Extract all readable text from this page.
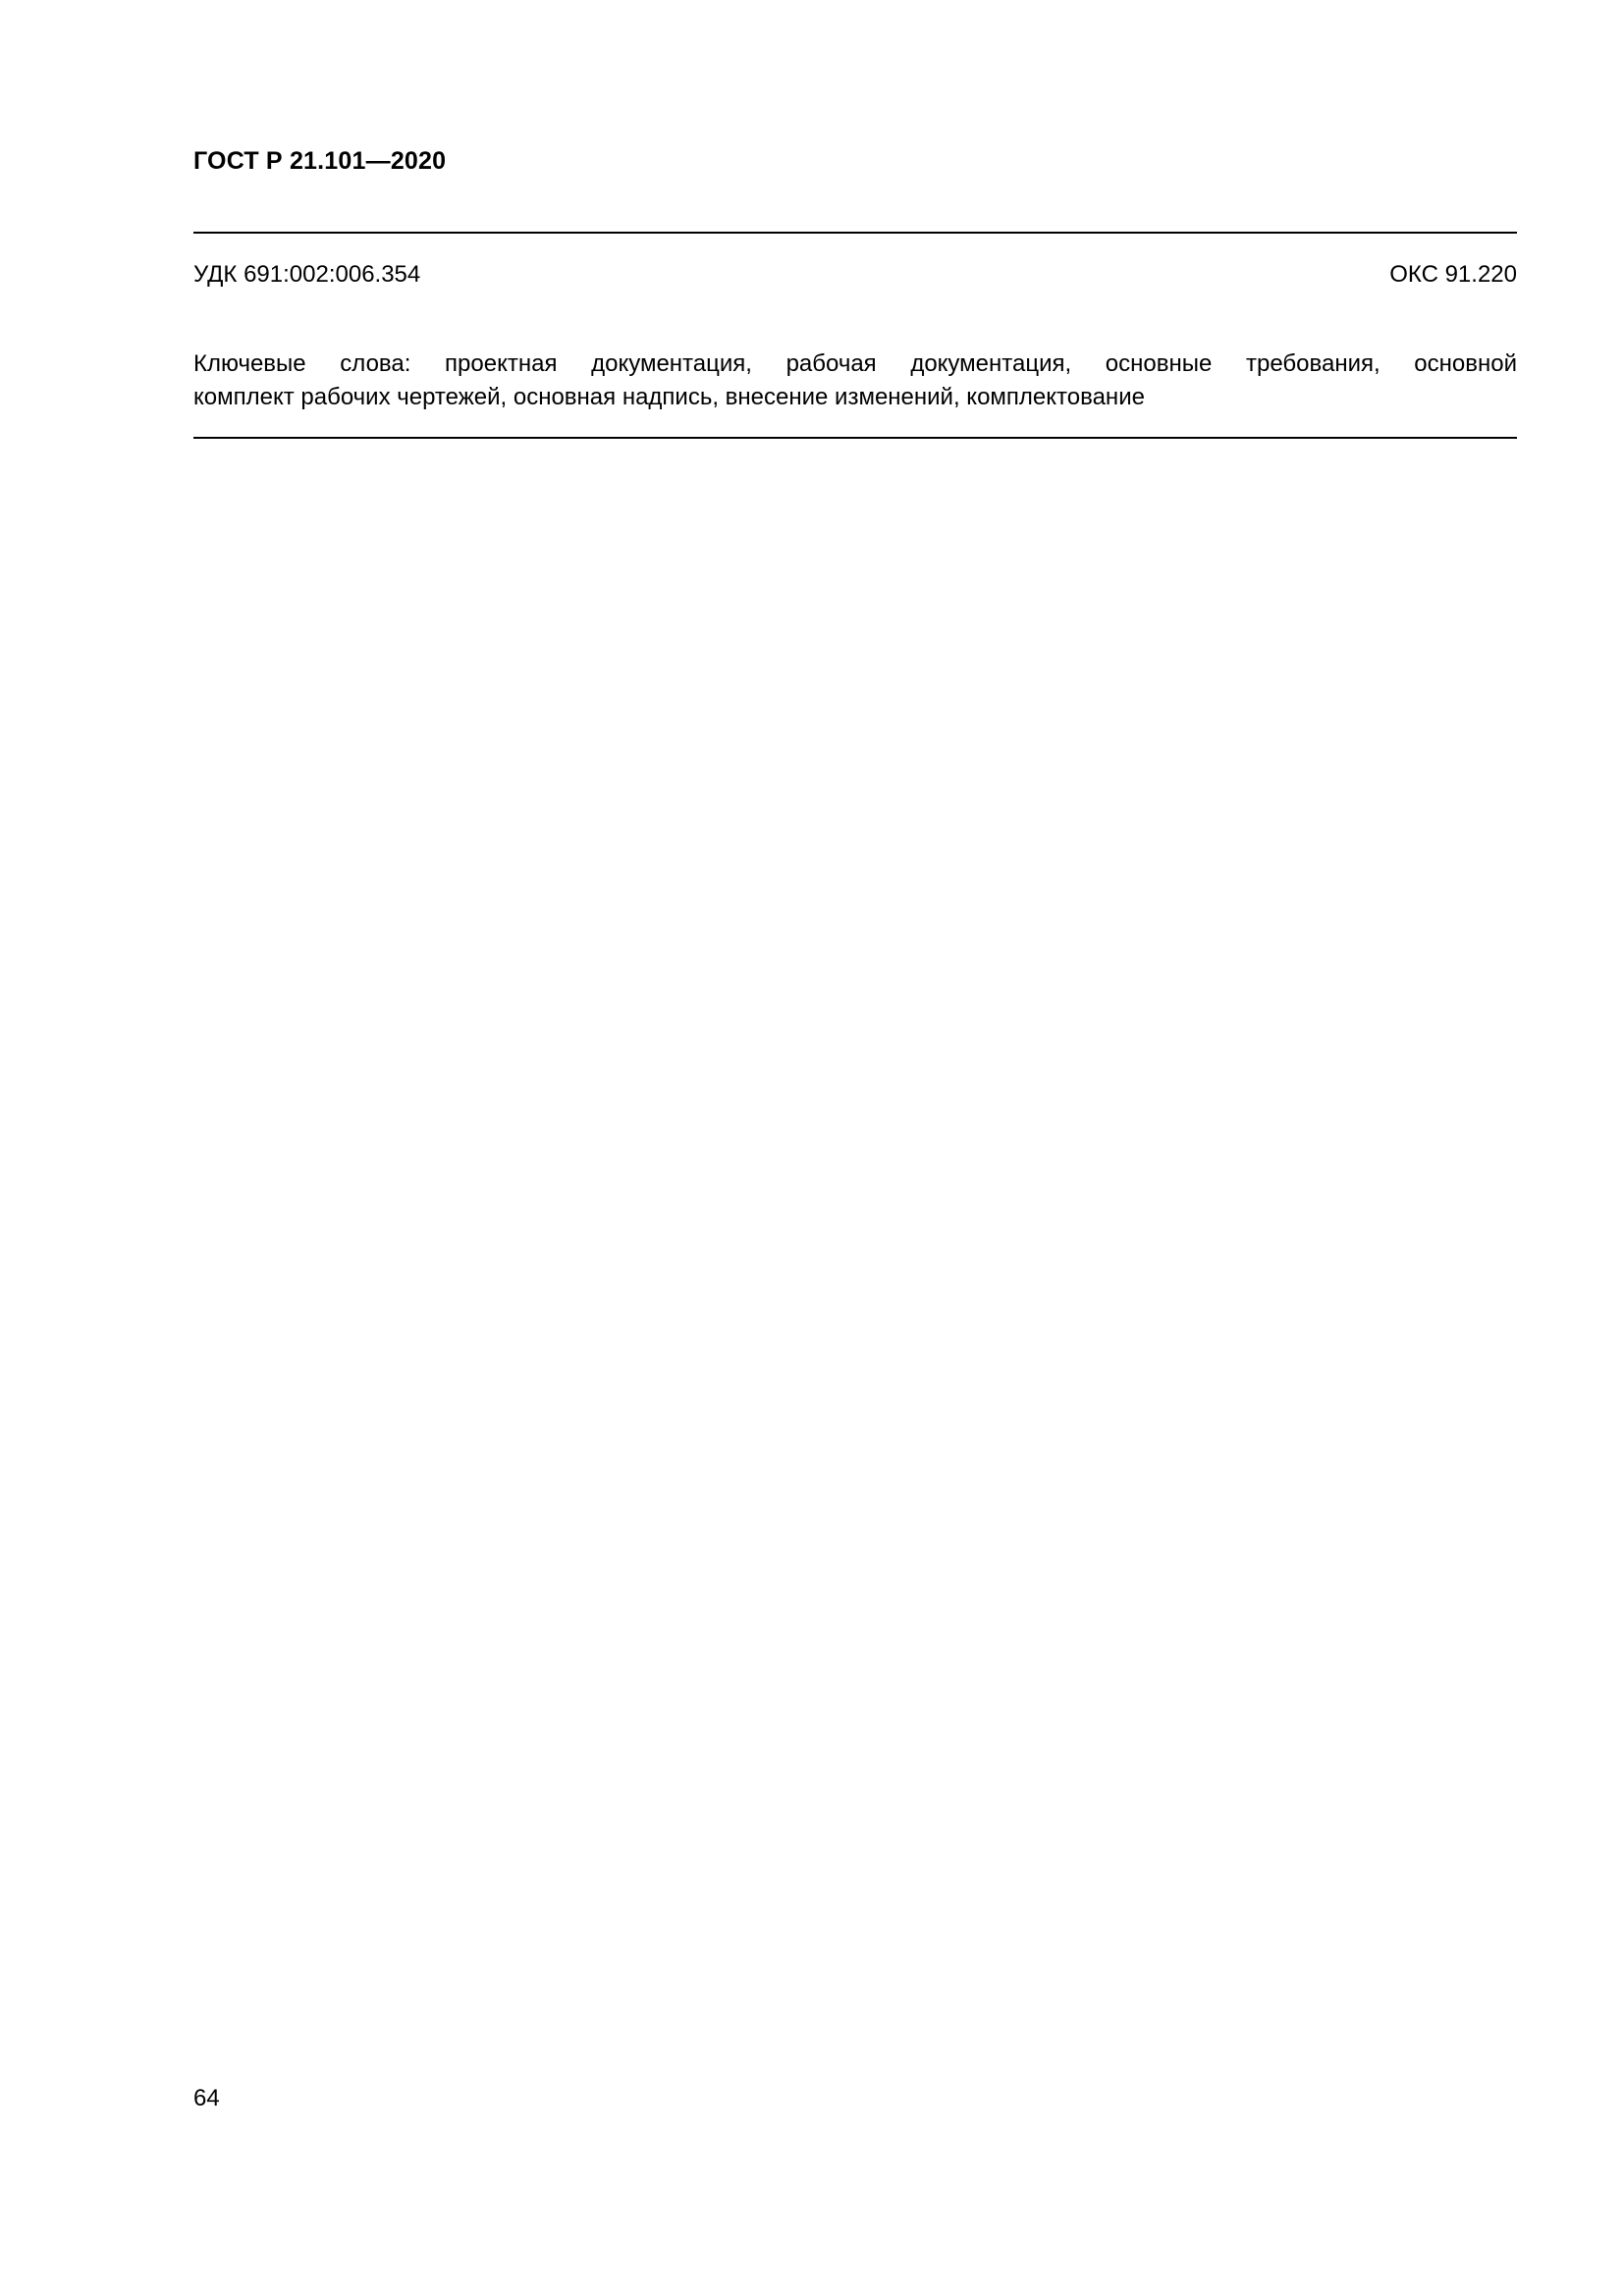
ГОСТ Р 21.101—2020
УДК 691:002:006.354	ОКС 91.220
Ключевые слова: проектная документация, рабочая документация, основные требования, основной
комплект рабочих чертежей, основная надпись, внесение изменений, комплектование
64
